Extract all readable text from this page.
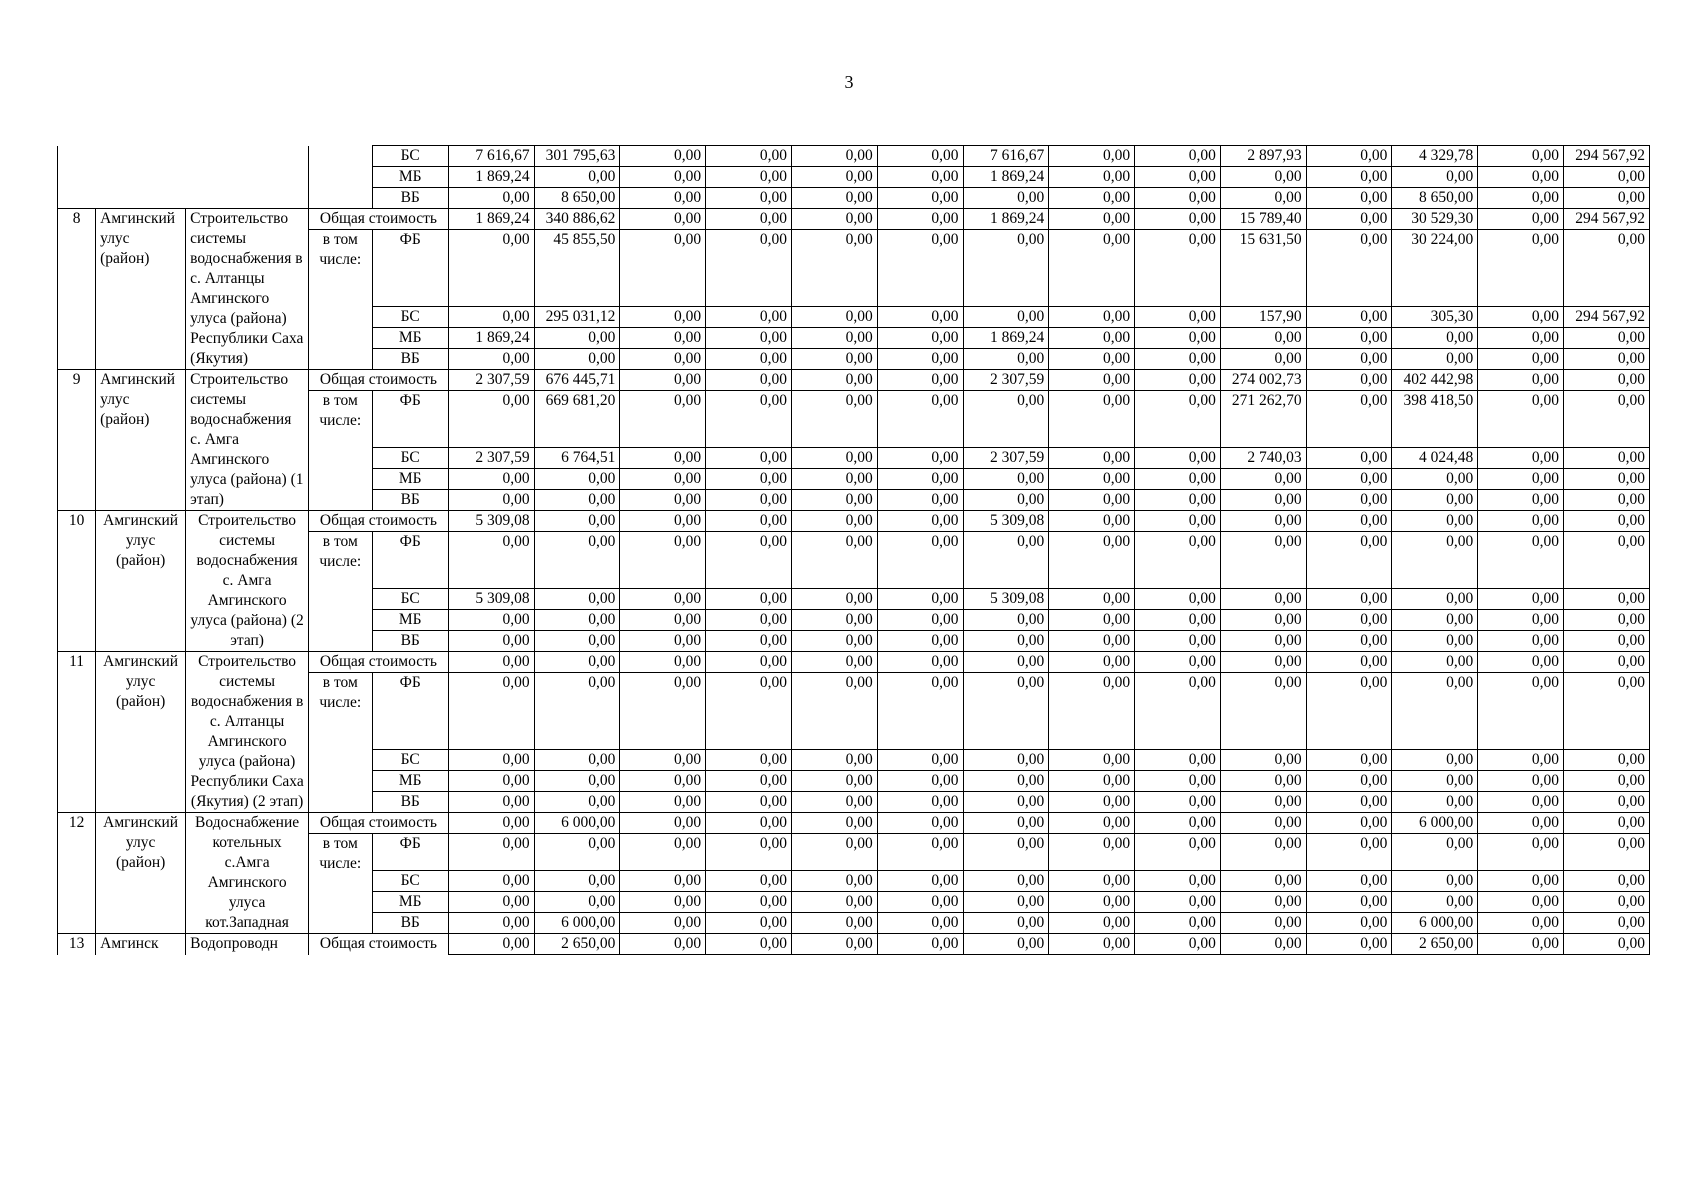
3
				БС	7 616,67	301 795,63	0,00	0,00	0,00	0,00	7 616,67	0,00	0,00	2 897,93	0,00	4 329,78	0,00	294 567,92
				МБ	1 869,24	0,00	0,00	0,00	0,00	0,00	1 869,24	0,00	0,00	0,00	0,00	0,00	0,00	0,00
				ВБ	0,00	8 650,00	0,00	0,00	0,00	0,00	0,00	0,00	0,00	0,00	0,00	8 650,00	0,00	0,00
8	Амгинский улус (район)	Строительство системы водоснабжения в с. Алтанцы Амгинского улуса (района) Республики Саха (Якутия)	Общая стоимость		1 869,24	340 886,62	0,00	0,00	0,00	0,00	1 869,24	0,00	0,00	15 789,40	0,00	30 529,30	0,00	294 567,92
			в том числе:	ФБ	0,00	45 855,50	0,00	0,00	0,00	0,00	0,00	0,00	0,00	15 631,50	0,00	30 224,00	0,00	0,00
				БС	0,00	295 031,12	0,00	0,00	0,00	0,00	0,00	0,00	0,00	157,90	0,00	305,30	0,00	294 567,92
				МБ	1 869,24	0,00	0,00	0,00	0,00	0,00	1 869,24	0,00	0,00	0,00	0,00	0,00	0,00	0,00
				ВБ	0,00	0,00	0,00	0,00	0,00	0,00	0,00	0,00	0,00	0,00	0,00	0,00	0,00	0,00
9	Амгинский улус (район)	Строительство системы водоснабжения с. Амга Амгинского улуса (района) (1 этап)	Общая стоимость		2 307,59	676 445,71	0,00	0,00	0,00	0,00	2 307,59	0,00	0,00	274 002,73	0,00	402 442,98	0,00	0,00
			в том числе:	ФБ	0,00	669 681,20	0,00	0,00	0,00	0,00	0,00	0,00	0,00	271 262,70	0,00	398 418,50	0,00	0,00
				БС	2 307,59	6 764,51	0,00	0,00	0,00	0,00	2 307,59	0,00	0,00	2 740,03	0,00	4 024,48	0,00	0,00
				МБ	0,00	0,00	0,00	0,00	0,00	0,00	0,00	0,00	0,00	0,00	0,00	0,00	0,00	0,00
				ВБ	0,00	0,00	0,00	0,00	0,00	0,00	0,00	0,00	0,00	0,00	0,00	0,00	0,00	0,00
10	Амгинский улус (район)	Строительство системы водоснабжения с. Амга Амгинского улуса (района) (2 этап)	Общая стоимость		5 309,08	0,00	0,00	0,00	0,00	0,00	5 309,08	0,00	0,00	0,00	0,00	0,00	0,00	0,00
			в том числе:	ФБ	0,00	0,00	0,00	0,00	0,00	0,00	0,00	0,00	0,00	0,00	0,00	0,00	0,00	0,00
				БС	5 309,08	0,00	0,00	0,00	0,00	0,00	5 309,08	0,00	0,00	0,00	0,00	0,00	0,00	0,00
				МБ	0,00	0,00	0,00	0,00	0,00	0,00	0,00	0,00	0,00	0,00	0,00	0,00	0,00	0,00
				ВБ	0,00	0,00	0,00	0,00	0,00	0,00	0,00	0,00	0,00	0,00	0,00	0,00	0,00	0,00
11	Амгинский улус (район)	Строительство системы водоснабжения в с. Алтанцы Амгинского улуса (района) Республики Саха (Якутия) (2 этап)	Общая стоимость		0,00	0,00	0,00	0,00	0,00	0,00	0,00	0,00	0,00	0,00	0,00	0,00	0,00	0,00
			в том числе:	ФБ	0,00	0,00	0,00	0,00	0,00	0,00	0,00	0,00	0,00	0,00	0,00	0,00	0,00	0,00
				БС	0,00	0,00	0,00	0,00	0,00	0,00	0,00	0,00	0,00	0,00	0,00	0,00	0,00	0,00
				МБ	0,00	0,00	0,00	0,00	0,00	0,00	0,00	0,00	0,00	0,00	0,00	0,00	0,00	0,00
				ВБ	0,00	0,00	0,00	0,00	0,00	0,00	0,00	0,00	0,00	0,00	0,00	0,00	0,00	0,00
12	Амгинский улус (район)	Водоснабжение котельных с.Амга Амгинского улуса кот.Западная	Общая стоимость		0,00	6 000,00	0,00	0,00	0,00	0,00	0,00	0,00	0,00	0,00	0,00	6 000,00	0,00	0,00
			в том числе:	ФБ	0,00	0,00	0,00	0,00	0,00	0,00	0,00	0,00	0,00	0,00	0,00	0,00	0,00	0,00
				БС	0,00	0,00	0,00	0,00	0,00	0,00	0,00	0,00	0,00	0,00	0,00	0,00	0,00	0,00
				МБ	0,00	0,00	0,00	0,00	0,00	0,00	0,00	0,00	0,00	0,00	0,00	0,00	0,00	0,00
				ВБ	0,00	6 000,00	0,00	0,00	0,00	0,00	0,00	0,00	0,00	0,00	0,00	6 000,00	0,00	0,00
13	Амгинск	Водопроводн	Общая стоимость		0,00	2 650,00	0,00	0,00	0,00	0,00	0,00	0,00	0,00	0,00	0,00	2 650,00	0,00	0,00
